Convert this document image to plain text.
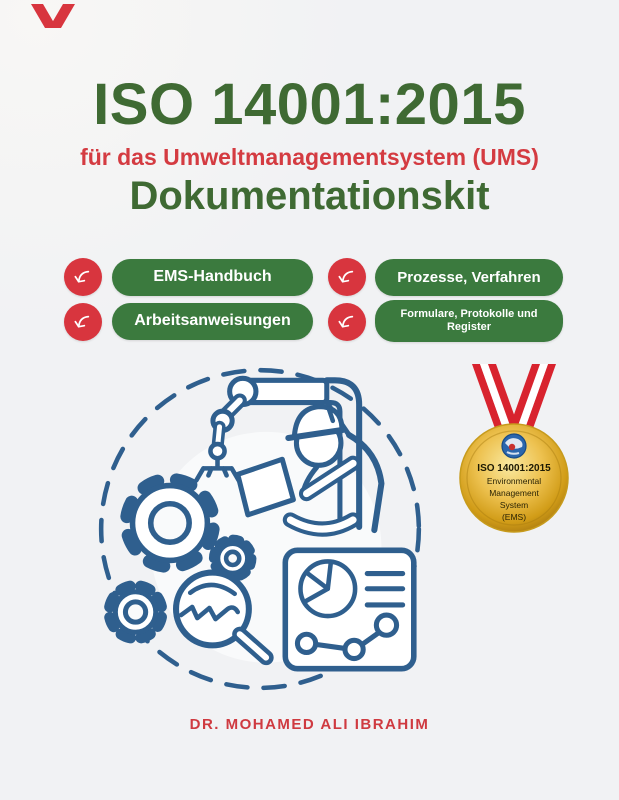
ISO 14001:2015
für das Umweltmanagementsystem (UMS)
Dokumentationskit
EMS-Handbuch	Prozesse, Verfahren
Arbeitsanweisungen	Formulare, Protokolle und Register
ISO 14001:2015
Environmental
Management
System
(EMS)
DR. MOHAMED ALI IBRAHIM
